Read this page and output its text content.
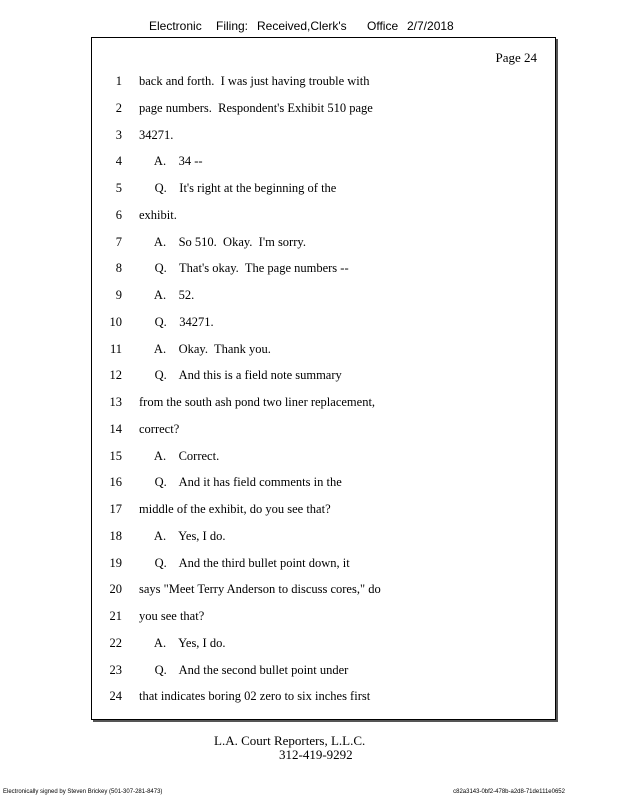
Electronic Filing: Received,Clerk's Office 2/7/2018
Page 24
1 back and forth.  I was just having trouble with
2 page numbers.  Respondent's Exhibit 510 page
3 34271.
4 A.    34 --
5 Q.    It's right at the beginning of the
6 exhibit.
7 A.    So 510.  Okay.  I'm sorry.
8 Q.    That's okay.  The page numbers --
9 A.    52.
10 Q.    34271.
11 A.    Okay.  Thank you.
12 Q.    And this is a field note summary
13 from the south ash pond two liner replacement,
14 correct?
15 A.    Correct.
16 Q.    And it has field comments in the
17 middle of the exhibit, do you see that?
18 A.    Yes, I do.
19 Q.    And the third bullet point down, it
20 says "Meet Terry Anderson to discuss cores," do
21 you see that?
22 A.    Yes, I do.
23 Q.    And the second bullet point under
24 that indicates boring 02 zero to six inches first
L.A. Court Reporters, L.L.C.
312-419-9292
Electronically signed by Steven Brickey (501-307-281-8473)	c82a3143-0bf2-478b-a2d8-71de111e0652
